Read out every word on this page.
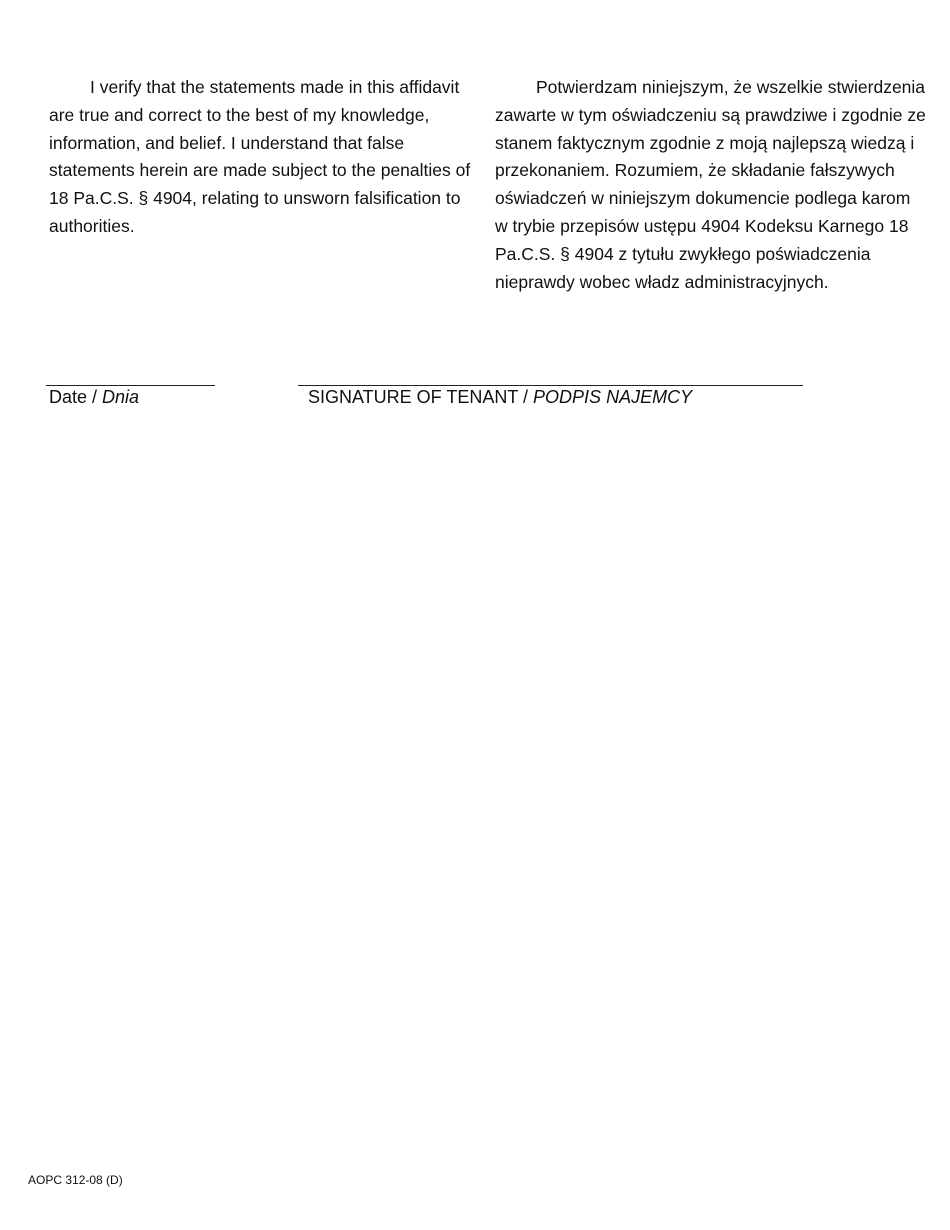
I verify that the statements made in this affidavit are true and correct to the best of my knowledge, information, and belief. I understand that false statements herein are made subject to the penalties of 18 Pa.C.S. § 4904, relating to unsworn falsification to authorities.

Potwierdzam niniejszym, że wszelkie stwierdzenia zawarte w tym oświadczeniu są prawdziwe i zgodnie ze stanem faktycznym zgodnie z moją najlepszą wiedzą i przekonaniem. Rozumiem, że składanie fałszywych oświadczeń w niniejszym dokumencie podlega karom w trybie przepisów ustępu 4904 Kodeksu Karnego 18 Pa.C.S. § 4904 z tytułu zwykłego poświadczenia nieprawdy wobec władz administracyjnych.

Date / Dnia	SIGNATURE OF TENANT / PODPIS NAJEMCY
AOPC 312-08 (D)
